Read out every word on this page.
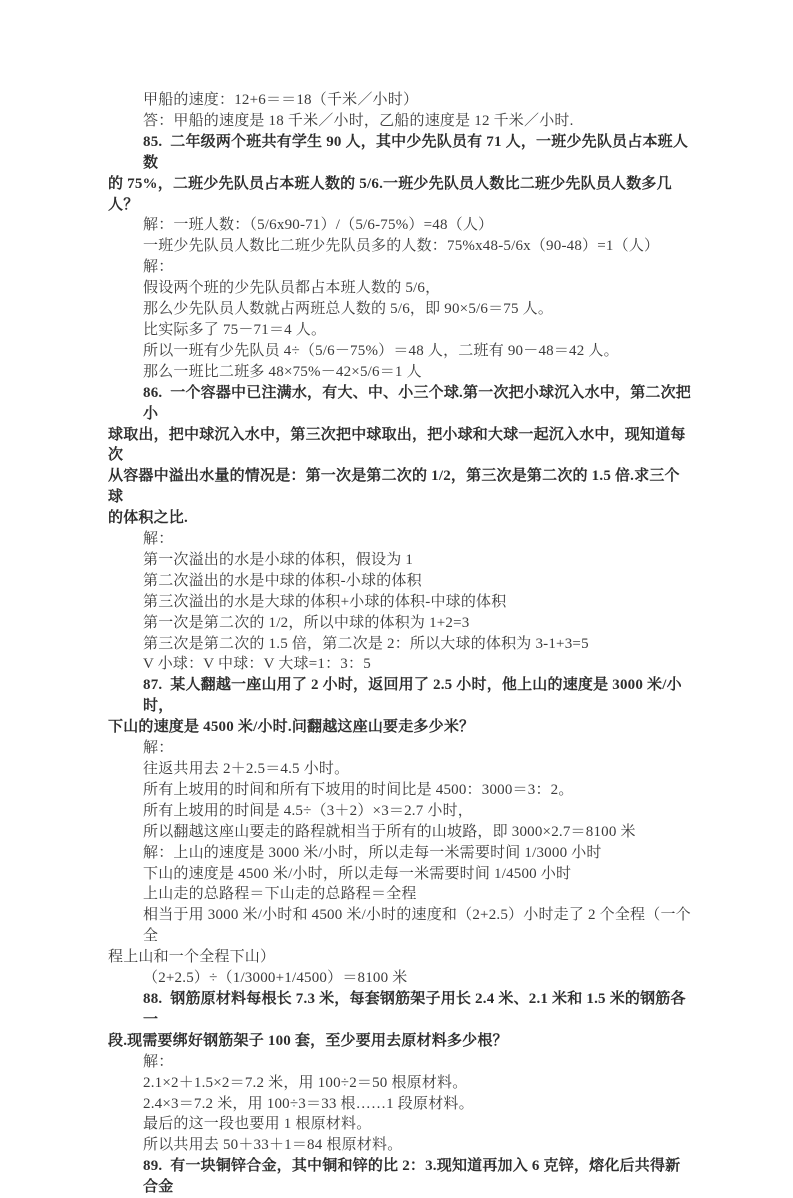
甲船的速度：12+6＝＝18（千米／小时）
答：甲船的速度是 18 千米／小时，乙船的速度是 12 千米／小时.
85.  二年级两个班共有学生 90 人，其中少先队员有 71 人，一班少先队员占本班人数
的 75%，二班少先队员占本班人数的 5/6.一班少先队员人数比二班少先队员人数多几人？
解：一班人数：（5/6x90-71）/（5/6-75%）=48（人）
一班少先队员人数比二班少先队员多的人数：75%x48-5/6x（90-48）=1（人）
解：
假设两个班的少先队员都占本班人数的 5/6，
那么少先队员人数就占两班总人数的 5/6，即 90×5/6＝75 人。
比实际多了 75－71＝4 人。
所以一班有少先队员 4÷（5/6－75%）＝48 人，二班有 90－48＝42 人。
那么一班比二班多 48×75%－42×5/6＝1 人
86.  一个容器中已注满水，有大、中、小三个球.第一次把小球沉入水中，第二次把小
球取出，把中球沉入水中，第三次把中球取出，把小球和大球一起沉入水中，现知道每次
从容器中溢出水量的情况是：第一次是第二次的 1/2，第三次是第二次的 1.5 倍.求三个球
的体积之比.
解：
第一次溢出的水是小球的体积，假设为 1
第二次溢出的水是中球的体积-小球的体积
第三次溢出的水是大球的体积+小球的体积-中球的体积
第一次是第二次的 1/2，所以中球的体积为 1+2=3
第三次是第二次的 1.5 倍，第二次是 2：所以大球的体积为 3-1+3=5
V 小球：V 中球：V 大球=1：3：5
87.  某人翻越一座山用了 2 小时，返回用了 2.5 小时，他上山的速度是 3000 米/小时，
下山的速度是 4500 米/小时.问翻越这座山要走多少米？
解：
往返共用去 2＋2.5＝4.5 小时。
所有上坡用的时间和所有下坡用的时间比是 4500：3000＝3：2。
所有上坡用的时间是 4.5÷（3＋2）×3＝2.7 小时，
所以翻越这座山要走的路程就相当于所有的山坡路，即 3000×2.7＝8100 米
解：上山的速度是 3000 米/小时，所以走每一米需要时间 1/3000 小时
下山的速度是 4500 米/小时，所以走每一米需要时间 1/4500 小时
上山走的总路程＝下山走的总路程＝全程
相当于用 3000 米/小时和 4500 米/小时的速度和（2+2.5）小时走了 2 个全程（一个全
程上山和一个全程下山）
（2+2.5）÷（1/3000+1/4500）＝8100 米
88.  钢筋原材料每根长 7.3 米，每套钢筋架子用长 2.4 米、2.1 米和 1.5 米的钢筋各一
段.现需要绑好钢筋架子 100 套，至少要用去原材料多少根？
解：
2.1×2＋1.5×2＝7.2 米，用 100÷2＝50 根原材料。
2.4×3＝7.2 米，用 100÷3＝33 根……1 段原材料。
最后的这一段也要用 1 根原材料。
所以共用去 50＋33＋1＝84 根原材料。
89.  有一块铜锌合金，其中铜和锌的比 2：3.现知道再加入 6 克锌，熔化后共得新合金
